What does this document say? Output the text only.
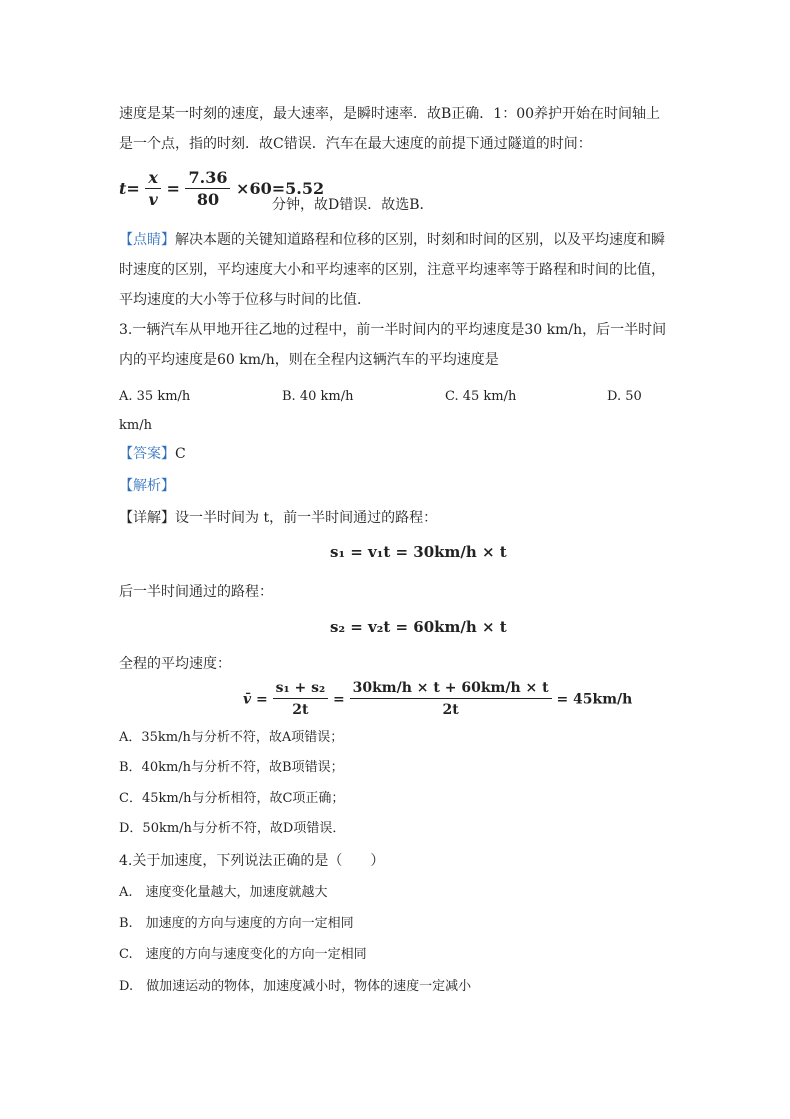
速度是某一时刻的速度，最大速率，是瞬时速率．故B正确．1：00养护开始在时间轴上
是一个点，指的时刻．故C错误．汽车在最大速度的前提下通过隧道的时间：
$t= \frac{x}{v} = \frac{7.36}{80} \times 60=5.52$
分钟，故D错误．故选B．
【点睛】解决本题的关键知道路程和位移的区别，时刻和时间的区别，以及平均速度和瞬
时速度的区别，平均速度大小和平均速率的区别，注意平均速率等于路程和时间的比值，
平均速度的大小等于位移与时间的比值．
3.一辆汽车从甲地开往乙地的过程中，前一半时间内的平均速度是30 km/h，后一半时间
内的平均速度是60 km/h，则在全程内这辆汽车的平均速度是
A. 35 km/h	B. 40 km/h	C. 45 km/h	D. 50
km/h
【答案】C
【解析】
【详解】设一半时间为 t，前一半时间通过的路程：
s₁ = v₁t = 30km/h × t
后一半时间通过的路程：
s₂ = v₂t = 60km/h × t
全程的平均速度：
v̄ = $\frac{\text{s₁ + s₂}}{2t} = \frac{30km/h \times t + 60km/h \times t}{2t} = 45km/h$
A．35km/h与分析不符，故A项错误；
B．40km/h与分析不符，故B项错误；
C．45km/h与分析相符，故C项正确；
D．50km/h与分析不符，故D项错误．
4.关于加速度，下列说法正确的是（　　）
A.　速度变化量越大，加速度就越大
B.　加速度的方向与速度的方向一定相同
C.　速度的方向与速度变化的方向一定相同
D.　做加速运动的物体，加速度减小时，物体的速度一定减小
